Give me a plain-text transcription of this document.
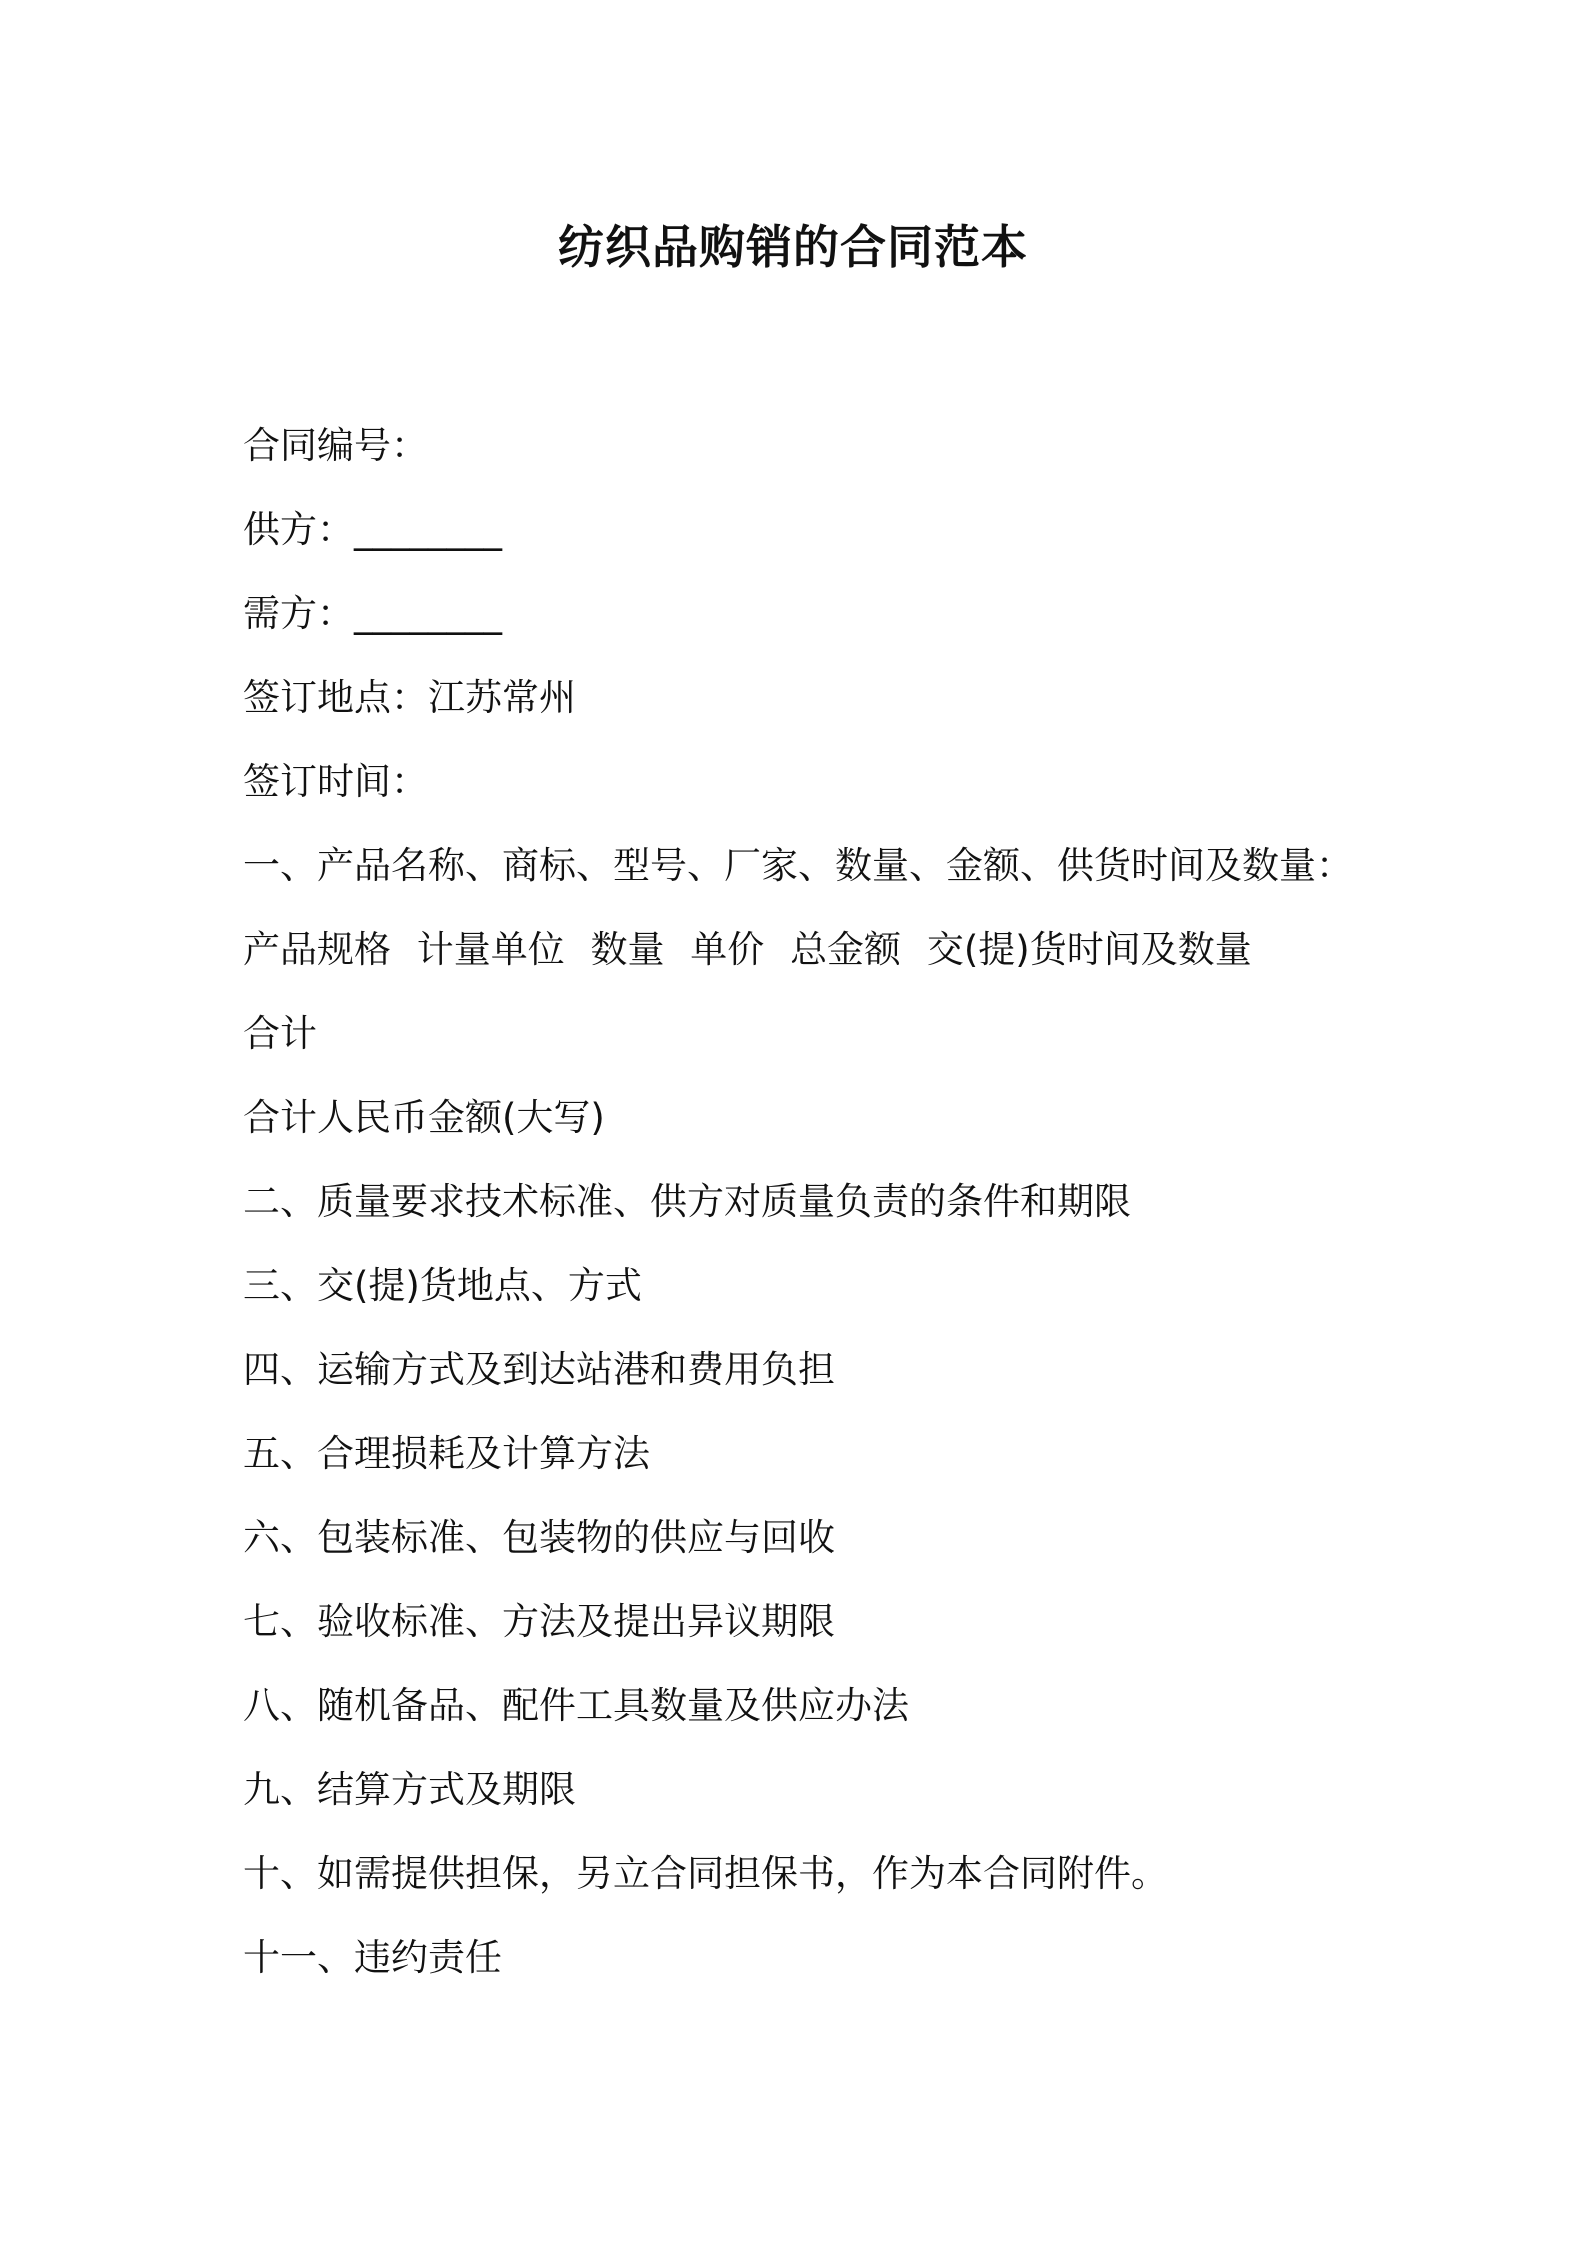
纺织品购销的合同范本
合同编号：
供方：________
需方：________
签订地点：江苏常州
签订时间：
一、产品名称、商标、型号、厂家、数量、金额、供货时间及数量：
产品规格 计量单位 数量 单价 总金额 交(提)货时间及数量
合计
合计人民币金额(大写)
二、质量要求技术标准、供方对质量负责的条件和期限
三、交(提)货地点、方式
四、运输方式及到达站港和费用负担
五、合理损耗及计算方法
六、包装标准、包装物的供应与回收
七、验收标准、方法及提出异议期限
八、随机备品、配件工具数量及供应办法
九、结算方式及期限
十、如需提供担保，另立合同担保书，作为本合同附件。
十一、违约责任
